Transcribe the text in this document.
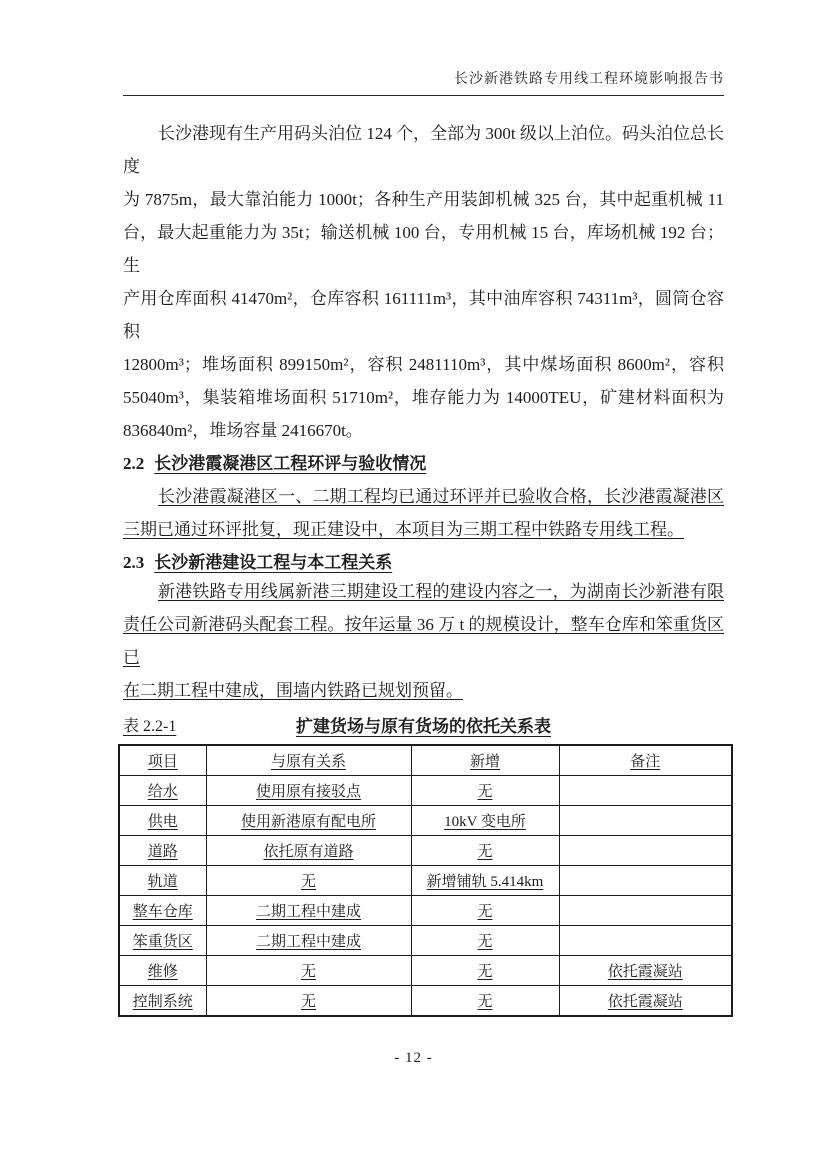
长沙新港铁路专用线工程环境影响报告书
长沙港现有生产用码头泊位 124 个，全部为 300t 级以上泊位。码头泊位总长度
为 7875m，最大靠泊能力 1000t；各种生产用装卸机械 325 台，其中起重机械 11
台，最大起重能力为 35t；输送机械 100 台，专用机械 15 台，库场机械 192 台；生
产用仓库面积 41470m²，仓库容积 161111m³，其中油库容积 74311m³，圆筒仓容积
12800m³；堆场面积 899150m²，容积 2481110m³，其中煤场面积 8600m²，容积
55040m³，集装箱堆场面积 51710m²，堆存能力为 14000TEU，矿建材料面积为
836840m²，堆场容量 2416670t。
2.2 长沙港霞凝港区工程环评与验收情况
长沙港霞凝港区一、二期工程均已通过环评并已验收合格，长沙港霞凝港区
三期已通过环评批复，现正建设中，本项目为三期工程中铁路专用线工程。
2.3 长沙新港建设工程与本工程关系
新港铁路专用线属新港三期建设工程的建设内容之一，为湖南长沙新港有限
责任公司新港码头配套工程。按年运量 36 万 t 的规模设计，整车仓库和笨重货区已
在二期工程中建成，围墙内铁路已规划预留。
表 2.2-1	扩建货场与原有货场的依托关系表
项目	与原有关系	新增	备注
给水	使用原有接驳点	无	
供电	使用新港原有配电所	10kV 变电所	
道路	依托原有道路	无	
轨道	无	新增铺轨 5.414km	
整车仓库	二期工程中建成	无	
笨重货区	二期工程中建成	无	
维修	无	无	依托霞凝站
控制系统	无	无	依托霞凝站
- 12 -
